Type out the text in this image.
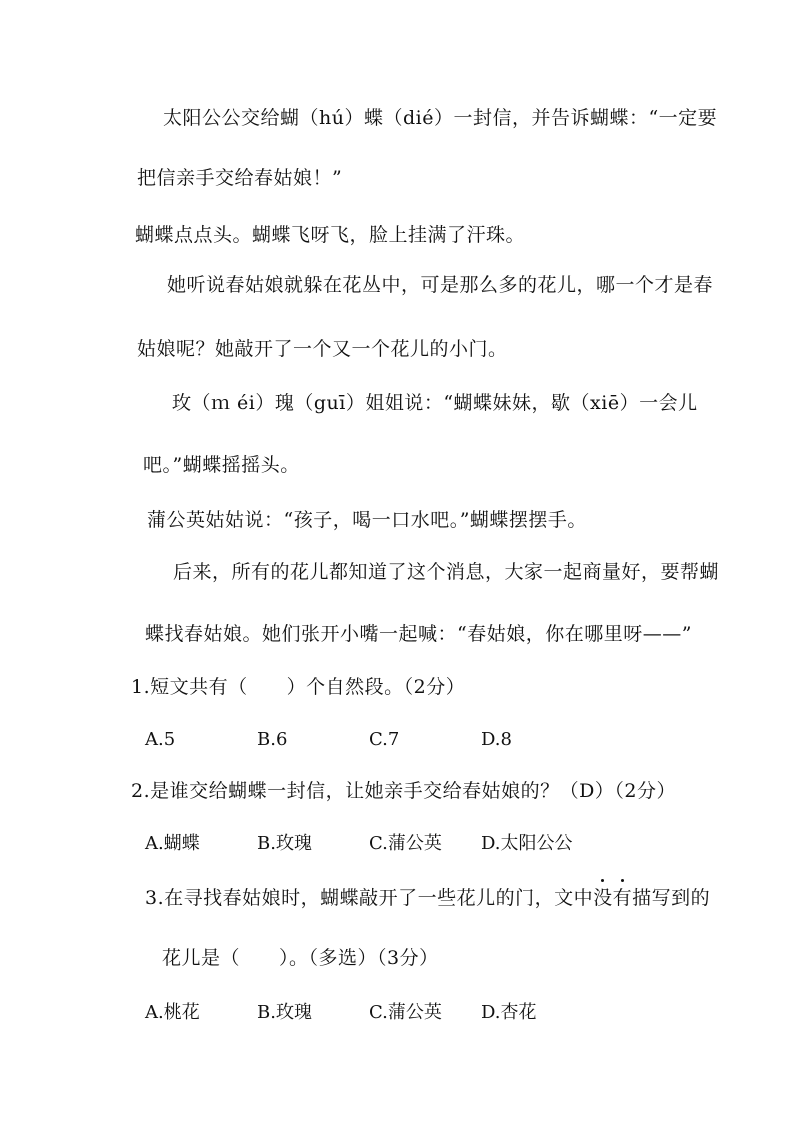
太阳公公交给蝴（hú）蝶（dié）一封信，并告诉蝴蝶：“一定要
把信亲手交给春姑娘！”
蝴蝶点点头。蝴蝶飞呀飞，脸上挂满了汗珠。
她听说春姑娘就躲在花丛中，可是那么多的花儿，哪一个才是春
姑娘呢？她敲开了一个又一个花儿的小门。
玫（ｍ éi）瑰（guī）姐姐说：“蝴蝶妹妹，歇（xiē）一会儿
吧。”蝴蝶摇摇头。
蒲公英姑姑说：“孩子，喝一口水吧。”蝴蝶摆摆手。
后来，所有的花儿都知道了这个消息，大家一起商量好，要帮蝴
蝶找春姑娘。她们张开小嘴一起喊：“春姑娘，你在哪里呀——”
1.短文共有（　　）个自然段。（2分）
A.5	B.6	C.7	D.8
2.是谁交给蝴蝶一封信，让她亲手交给春姑娘的？（D）（2分）
A.蝴蝶	B.玫瑰	C.蒲公英 D.太阳公公
3.在寻找春姑娘时，蝴蝶敲开了一些花儿的门，文中没有描写到的
花儿是（　　）。（多选）（3分）
A.桃花	B.玫瑰	C.蒲公英 D.杏花
